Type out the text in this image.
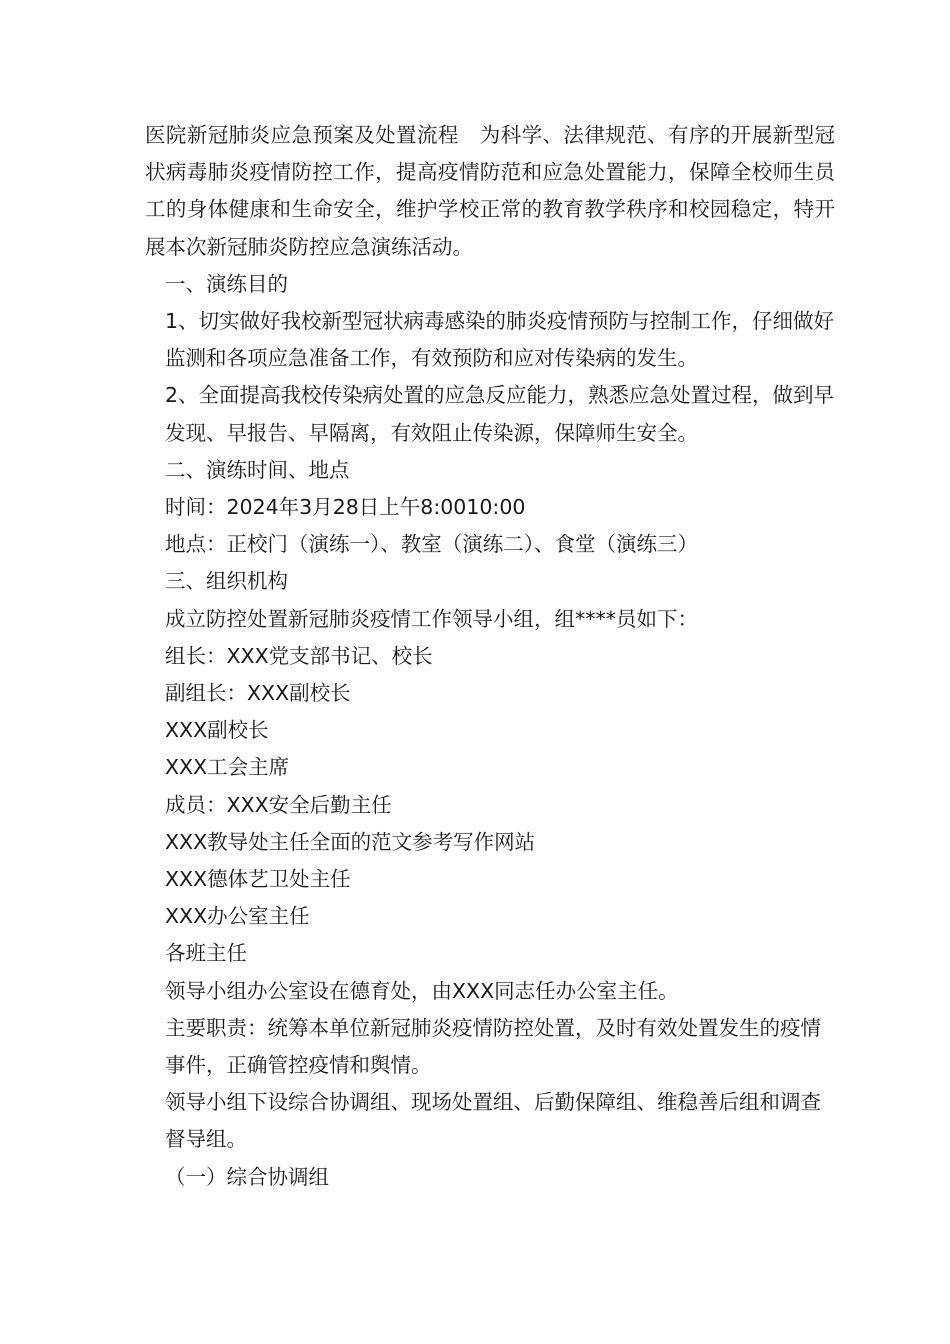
医院新冠肺炎应急预案及处置流程　为科学、法律规范、有序的开展新型冠状病毒肺炎疫情防控工作，提高疫情防范和应急处置能力，保障全校师生员工的身体健康和生命安全，维护学校正常的教育教学秩序和校园稳定，特开展本次新冠肺炎防控应急演练活动。

一、演练目的

1、切实做好我校新型冠状病毒感染的肺炎疫情预防与控制工作，仔细做好监测和各项应急准备工作，有效预防和应对传染病的发生。

2、全面提高我校传染病处置的应急反应能力，熟悉应急处置过程，做到早发现、早报告、早隔离，有效阻止传染源，保障师生安全。

二、演练时间、地点

时间：2024年3月28日上午8:0010:00

地点：正校门（演练一）、教室（演练二）、食堂（演练三）

三、组织机构

成立防控处置新冠肺炎疫情工作领导小组，组****员如下：

组长：XXX党支部书记、校长

副组长：XXX副校长

XXX副校长

XXX工会主席

成员：XXX安全后勤主任

XXX教导处主任全面的范文参考写作网站

XXX德体艺卫处主任

XXX办公室主任

各班主任

领导小组办公室设在德育处，由XXX同志任办公室主任。

主要职责：统筹本单位新冠肺炎疫情防控处置，及时有效处置发生的疫情事件，正确管控疫情和舆情。

领导小组下设综合协调组、现场处置组、后勤保障组、维稳善后组和调查督导组。

（一）综合协调组
